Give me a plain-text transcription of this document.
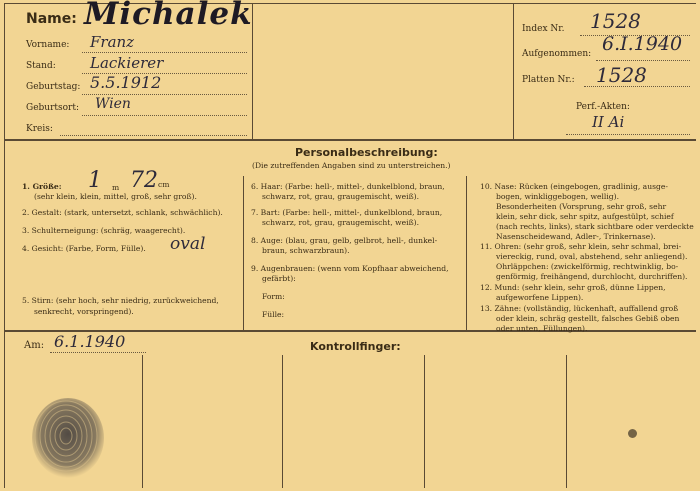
Name: Michalek
Vorname: Franz
Stand: Lackierer
Geburtstag: 5.5.1912
Geburtsort: Wien
Kreis:
Index Nr. 1528
Aufgenommen: 6.I.1940
Platten Nr.: 1528
Perf.-Akten:
II Ai
Personalbeschreibung:
(Die zutreffenden Angaben sind zu unterstreichen.)
1. Größe: 1 m 72 cm
(sehr klein, klein, mittel, groß, sehr groß).
2. Gestalt: (stark, untersetzt, schlank, schwächlich).
3. Schulterneigung: (schräg, waagerecht).
4. Gesicht: (Farbe, Form, Fülle). oval
5. Stirn: (sehr hoch, sehr niedrig, zurückweichend,
senkrecht, vorspringend).
6. Haar: (Farbe: hell-, mittel-, dunkelblond, braun,
schwarz, rot, grau, graugemischt, weiß).
7. Bart: (Farbe: hell-, mittel-, dunkelblond, braun,
schwarz, rot, grau, graugemischt, weiß).
8. Auge: (blau, grau, gelb, gelbrot, hell-, dunkel-
braun, schwarzbraun).
9. Augenbrauen: (wenn vom Kopfhaar abweichend,
gefärbt):
Form:
Fülle:
10. Nase: Rücken (eingebogen, gradlinig, ausge-
bogen, winkliggebogen, wellig).
Besonderheiten (Vorsprung, sehr groß, sehr
klein, sehr dick, sehr spitz, aufgestülpt, schief
(nach rechts, links), stark sichtbare oder verdeckte
Nasenscheidewand, Adler-, Trinkernase).
11. Ohren: (sehr groß, sehr klein, sehr schmal, brei-
viereckig, rund, oval, abstehend, sehr anliegend).
Ohrläppchen: (zwickelförmig, rechtwinklig, bo-
genförmig, freihängend, durchlocht, durchriffen).
12. Mund: (sehr klein, sehr groß, dünne Lippen,
aufgeworfene Lippen).
13. Zähne: (vollständig, lückenhaft, auffallend groß
oder klein, schräg gestellt, falsches Gebiß oben
oder unten, Füllungen).
Am: 6.1.1940	Kontrollfinger:
